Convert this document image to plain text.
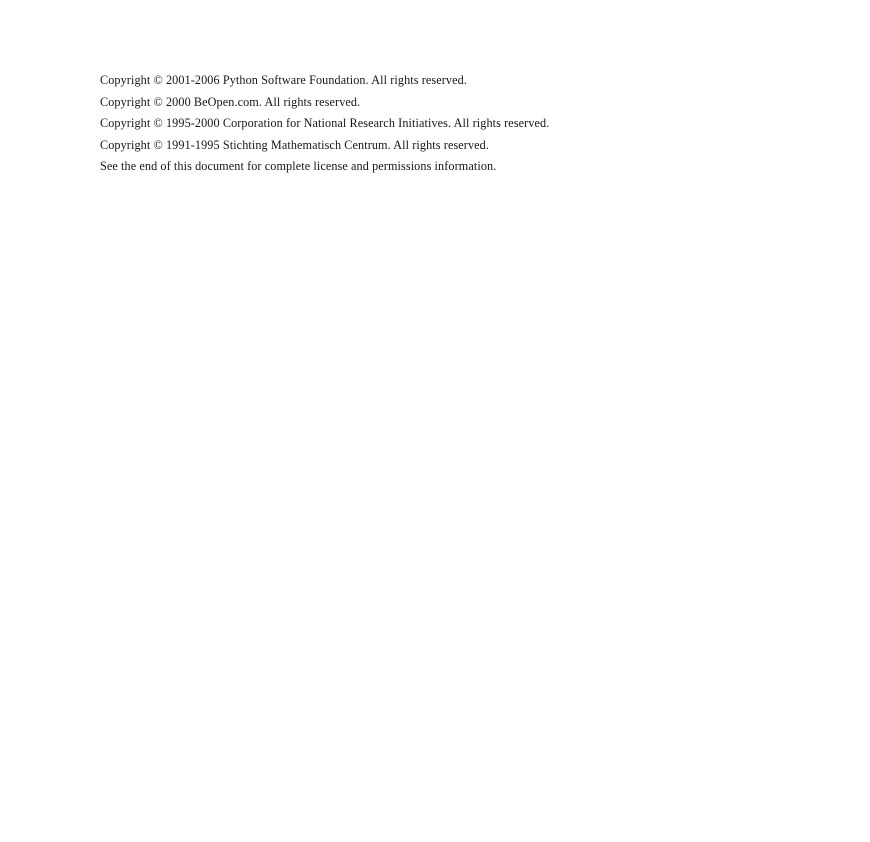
Copyright © 2001-2006 Python Software Foundation. All rights reserved.
Copyright © 2000 BeOpen.com. All rights reserved.
Copyright © 1995-2000 Corporation for National Research Initiatives. All rights reserved.
Copyright © 1991-1995 Stichting Mathematisch Centrum. All rights reserved.
See the end of this document for complete license and permissions information.
